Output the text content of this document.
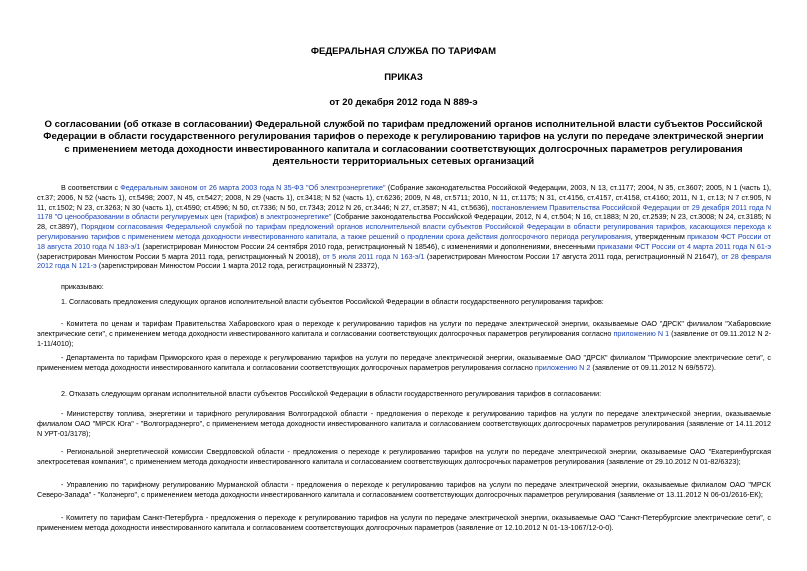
ФЕДЕРАЛЬНАЯ СЛУЖБА ПО ТАРИФАМ

ПРИКАЗ

от 20 декабря 2012 года N 889-э

О согласовании (об отказе в согласовании) Федеральной службой по тарифам предложений органов исполнительной власти субъектов Российской Федерации в области государственного регулирования тарифов о переходе к регулированию тарифов на услуги по передаче электрической энергии с применением метода доходности инвестированного капитала и согласовании соответствующих долгосрочных параметров регулирования деятельности территориальных сетевых организаций

В соответствии с Федеральным законом от 26 марта 2003 года N 35-ФЗ "Об электроэнергетике" (Собрание законодательства Российской Федерации, 2003, N 13, ст.1177; 2004, N 35, ст.3607; 2005, N 1 (часть 1), ст.37; 2006, N 52 (часть 1), ст.5498; 2007, N 45, ст.5427; 2008, N 29 (часть 1), ст.3418; N 52 (часть 1), ст.6236; 2009, N 48, ст.5711; 2010, N 11, ст.1175; N 31, ст.4156, ст.4157, ст.4158, ст.4160; 2011, N 1, ст.13; N 7 ст.905, N 11, ст.1502; N 23, ст.3263; N 30 (часть 1), ст.4590; ст.4596; N 50, ст.7336; N 50, ст.7343; 2012 N 26, ст.3446; N 27, ст.3587; N 41, ст.5636), постановлением Правительства Российской Федерации от 29 декабря 2011 года N 1178 "О ценообразовании в области регулируемых цен (тарифов) в электроэнергетике" (Собрание законодательства Российской Федерации, 2012, N 4, ст.504; N 16, ст.1883; N 20, ст.2539; N 23, ст.3008; N 24, ст.3185; N 28, ст.3897), Порядком согласования Федеральной службой по тарифам предложений органов исполнительной власти субъектов Российской Федерации в области регулирования тарифов, касающихся перехода к регулированию тарифов с применением метода доходности инвестированного капитала, а также решений о продлении срока действия долгосрочного периода регулирования, утвержденным приказом ФСТ России от 18 августа 2010 года N 183-э/1 (зарегистрирован Минюстом России 24 сентября 2010 года, регистрационный N 18546), с изменениями и дополнениями, внесенными приказами ФСТ России от 4 марта 2011 года N 61-э (зарегистрирован Минюстом России 5 марта 2011 года, регистрационный N 20018), от 5 июля 2011 года N 163-э/1 (зарегистрирован Минюстом России 17 августа 2011 года, регистрационный N 21647), от 28 февраля 2012 года N 121-э (зарегистрирован Минюстом России 1 марта 2012 года, регистрационный N 23372),

приказываю:

1. Согласовать предложения следующих органов исполнительной власти субъектов Российской Федерации в области государственного регулирования тарифов:

- Комитета по ценам и тарифам Правительства Хабаровского края о переходе к регулированию тарифов на услуги по передаче электрической энергии, оказываемые ОАО "ДРСК" филиалом "Хабаровские электрические сети", с применением метода доходности инвестированного капитала и согласовании соответствующих долгосрочных параметров регулирования согласно приложению N 1 (заявление от 09.11.2012 N 2-1-11/4010);

- Департамента по тарифам Приморского края о переходе к регулированию тарифов на услуги по передаче электрической энергии, оказываемые ОАО "ДРСК" филиалом "Приморские электрические сети", с применением метода доходности инвестированного капитала и согласовании соответствующих долгосрочных параметров регулирования согласно приложению N 2 (заявление от 09.11.2012 N 69/5572).

2. Отказать следующим органам исполнительной власти субъектов Российской Федерации в области государственного регулирования тарифов в согласовании:

- Министерству топлива, энергетики и тарифного регулирования Волгоградской области - предложения о переходе к регулированию тарифов на услуги по передаче электрической энергии, оказываемые филиалом ОАО "МРСК Юга" - "Волгоградэнерго", с применением метода доходности инвестированного капитала и согласованием соответствующих долгосрочных параметров регулирования (заявление от 14.11.2012 N УРТ-01/3178);

- Региональной энергетической комиссии Свердловской области - предложения о переходе к регулированию тарифов на услуги по передаче электрической энергии, оказываемые ОАО "Екатеринбургская электросетевая компания", с применением метода доходности инвестированного капитала и согласованием соответствующих долгосрочных параметров регулирования (заявление от 29.10.2012 N 01-82/6323);

- Управлению по тарифному регулированию Мурманской области - предложения о переходе к регулированию тарифов на услуги по передаче электрической энергии, оказываемые филиалом ОАО "МРСК Северо-Запада" - "Колэнерго", с применением метода доходности инвестированного капитала и согласованием соответствующих долгосрочных параметров регулирования (заявление от 13.11.2012 N 06-01/2616-ЕК);

- Комитету по тарифам Санкт-Петербурга - предложения о переходе к регулированию тарифов на услуги по передаче электрической энергии, оказываемые ОАО "Санкт-Петербургские электрические сети", с применением метода доходности инвестированного капитала и согласованием соответствующих долгосрочных параметров (заявление от 12.10.2012 N 01-13-1067/12-0-0).
